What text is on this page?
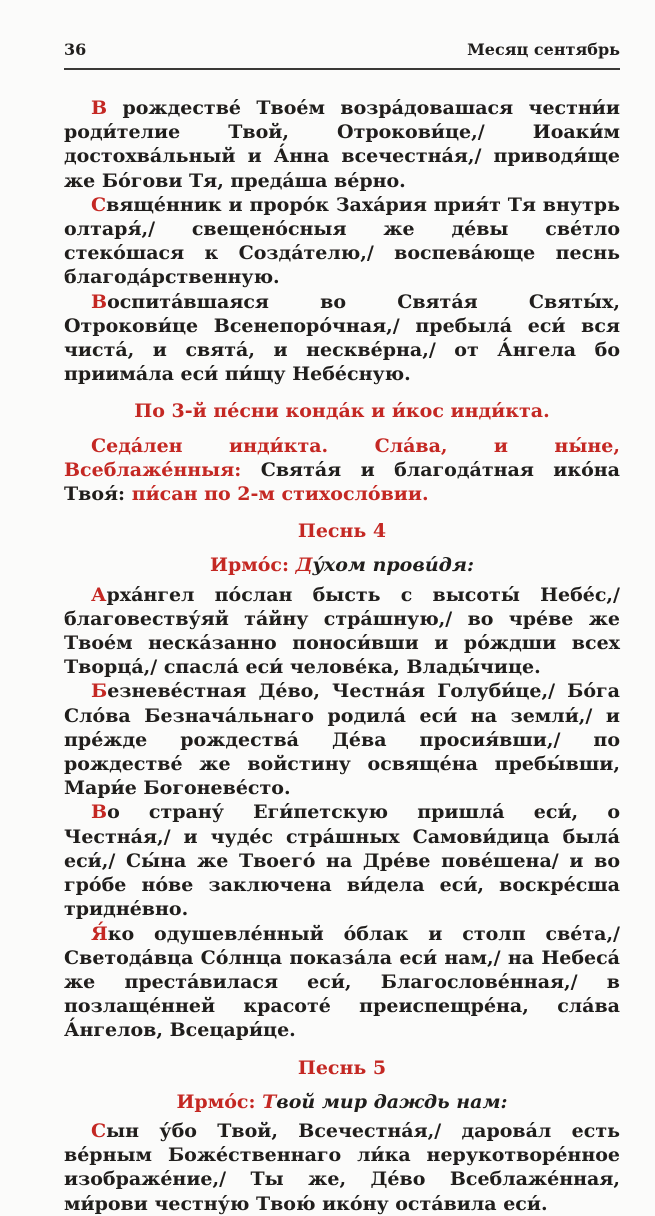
36	Месяц сентябрь

В рождестве́ Твое́м возра́довашася честни́и роди́телие Твой, Отрокови́це,/ Иоаки́м достохва́льный и А́нна всечестна́я,/ приводя́ще же Бо́гови Тя, преда́ша ве́рно.

Свяще́нник и проро́к Заха́рия прия́т Тя внутрь олтаря́,/ свещено́сныя же де́вы све́тло стеко́шася к Созда́телю,/ воспева́юще песнь благода́рственную.

Воспита́вшаяся во Свята́я Святы́х, Отрокови́це Всенепоро́чная,/ пребыла́ еси́ вся чиста́, и свята́, и нескве́рна,/ от А́нгела бо приима́ла еси́ пи́щу Небе́сную.

По 3-й пе́сни конда́к и и́кос инди́кта.

Седа́лен инди́кта. Сла́ва, и ны́не, Всеблаже́нныя: Свята́я и благода́тная ико́на Твоя́: пи́сан по 2-м стихосло́вии.

Песнь 4

Ирмо́с: Ду́хом прови́дя:

Арха́нгел по́слан бысть с высоты́ Небе́с,/ благовеству́яй та́йну стра́шную,/ во чре́ве же Твое́м неска́занно поноси́вши и ро́ждши всех Творца́,/ спасла́ еси́ челове́ка, Влады́чице.

Безневе́стная Де́во, Честна́я Голуби́це,/ Бо́га Сло́ва Безнача́льнаго родила́ еси́ на земли́,/ и пре́жде рождества́ Де́ва просия́вши,/ по рождестве́ же войстину освяще́на пребы́вши, Мари́е Богоневе́сто.

Во страну́ Еги́петскую пришла́ еси́, о Честна́я,/ и чуде́с стра́шных Самови́дица была́ еси́,/ Сы́на же Твоего́ на Дре́ве пове́шена/ и во гро́бе но́ве заключена ви́дела еси́, воскре́сша тридне́вно.

Я́ко одушевле́нный о́блак и столп све́та,/ Светода́вца Со́лнца показа́ла еси́ нам,/ на Небеса́ же преста́вилася еси́, Благослове́нная,/ в позлаще́нней красоте́ преиспещре́на, сла́ва А́нгелов, Всецари́це.

Песнь 5

Ирмо́с: Твой мир даждь нам:

Сын у́бо Твой, Всечестна́я,/ дарова́л есть ве́рным Боже́ственнаго ли́ка нерукотворе́нное изображе́ние,/ Ты же, Де́во Всеблаже́нная, ми́рови честну́ю Твою́ ико́ну оста́вила еси́.
